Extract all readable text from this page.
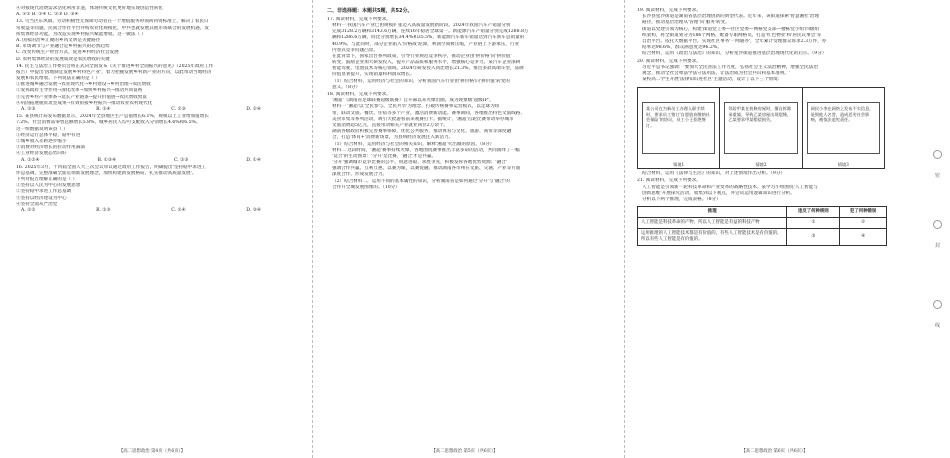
④对接现代消费需求活化利用非遗，体现传统文化更好地实现创造性转化
A. ①② B. ①④ C. ②③ D. ③④
13. 乌当区东风镇，劳动积极性无保障劳动者在一个增值服务时领回到资标准上，解决了农民日
常收益等问题，民间合作社平台并购农业化规模化，中共也就发展其他市场联合的发展机遇，发
挥集体经济功能，为改造实现乡村振兴赋能增收。这一做法（ ）
A. 国家的治乡汇聚的乡风文明是关键路径
B. 市场调节与产业融合是乡村振兴的必然趋势
C. 改变传统生产经营方式，促进乡村经济社会发展
D. 农村集体经济的发展成效是农民增收的关键
14. 民主与法治工作委员会将正式向全国发布《关于推进乡村全面振兴的意见》（2025年政府工作
报告）中提出'因地制宜发展乡村特色产业'，着力把握发展乡村新产业的方向，以此带动当地经济
发展和农民增收。下列说法正确的是（ ）
①推进城乡融合发展→农业现代化→乡村建设→乡村治理→农民增收
②发挥政府主导作用→深化改革→加快乡村振兴→推动共同富裕
③完善乡村产业体系→延长产业链条→提升价值链→农民增收致富
④巩固拓展脱贫攻坚成果→有效衔接乡村振兴→推动农业农村现代化
A. ①③	B. ①④	C. ②③	D. ②④
15. 某县统计局发布数据显示，2024年全县地区生产总值增长6.1%，规模以上工业增加值增长
7.2%，社会消费品零售总额增长5.8%，城乡居民人均可支配收入分别增长4.6%和6.5%。
这一组数据说明该县（ ）
①经济运行总体平稳，稳中有进
②城乡收入差距逐步缩小
③消费对经济增长的拉动作用减弱
④工业经济发展态势向好
A. ①②④	B. ①③④	C. ②③	D. ①④
16. 2025年3月，十四届全国人大三次会议审议通过政府工作报告，明确提出'坚持稳中求进工
作总基调，完整准确全面贯彻新发展理念，加快构建新发展格局，扎实推动高质量发展'。
下列对报告理解正确的是（ ）
①坚持以人民为中心的发展思想
②坚持稳中求进工作总基调
③坚持以经济建设为中心
④坚持全面从严治党
A. ①②	B. ①③	C. ②④	D. ③④
【高二思想政治 第4页（共6页）】
二、非选择题：本题共5题，共52分。
17. 阅读材料，完成下列要求。
材料一 我国汽车产业已由规模扩张迈入高质量发展新阶段。2024年我国汽车产销量分别
完成3128.2万辆和3143.6万辆，连续16年稳居全球第一。新能源汽车产销量分别完成1288.8万
辆和1286.6万辆，同比分别增长34.4%和35.5%，新能源汽车新车销量达到汽车新车总销量的
40.9%。与此同时，部分企业陷入'价格战'泥潭，利润空间被压缩，产业链上下游承压，行业
内卷式竞争问题凸显。
在此背景下，国家出台系列政策，引导行业规范竞争秩序，推动企业由'拼价格'向'拼价值'
转变，鼓励企业加大研发投入，提升产品品质和服务水平，增强核心竞争力。某汽车企业深耕
智能驾驶、电池技术等核心领域，2024年研发投入同比增长21.3%，推出多款高端车型，品牌
价值显著提升，实现销量和利润双增长。
（1）结合材料，运用经济与社会的知识，分析我国汽车行业由'拼价格'向'拼价值'转变的
意义。（8分）
18. 阅读材料，完成下列要求。
'湘超'（湖南省足球联赛超级联赛）自开幕以来火爆出圈，成为现象级'超级IP'。
材料一 '湘超'以'全民参与、全民共享'为理念，打破传统赛事运营模式，以足球为纽
带，联动文旅、餐饮、住宿等多个产业，激活消费新动能。赛事期间，各地推出特色文旅线路、
美食市集等系列活动，吸引大批游客前来观赛打卡。据统计，'湘超'首轮比赛带动举办城市
文旅消费超5亿元，直接带动相关产业就业岗位2万余个。
湖南各级政府积极完善赛事保障，优化公共服务，推动体育与文化、旅游、商贸等深度融
合，打造'体育+'消费新场景，为县域经济发展注入新活力。
（1）结合材料，运用经济与社会的相关知识，解释'湘超'火出圈的原因。（8分）
材料二 这段时间，'湘超'赛事持续火爆，各地围绕赛事推出丰富多彩的活动，共同演绎了一幅
'竞合'的生动图景：'分开'是比赛，'融合'才是共赢。
'分开'强调城市竞争比赛的公平、锐意进取、求胜争先，积极发挥各地优势资源；'融合'
强调合作共赢、互利互惠，以赛为媒，以赛促融，推动湖南各市州在文旅、交通、产业等方面
深度合作，形成发展合力。
（2）结合材料二，运用不同的基本属性的知识，分析湖南省是如何通过'分开'与'融合'的
合作升全城发展图像的。（10分）
【高二思想政治 第5页（共6页）】
19. 阅读材料，完成下列要求。
长沙县星沙街道是湖南省基层治理创新的典型代表。近年来，该街道探索'智慧湘社'治理
路径，推动基层治理从'管理'向'服务'转变。
街道以党建引领为核心，构建'街道党工委—社区党委—网格党支部—楼栋党小组'四级组
织架构，将全街道划分为186个网格，配备专职网格员，打造'红色物业'和'居民议事会'等
自治平台。依托大数据平台，实现社区事务'一网通办'，全年累计受理群众诉求2.3万件，办
结率达98.6%，群众满意度达96.2%。
结合材料，运用《政治与法治》的知识，分析星沙街道推进基层治理现代化的启示。（9分）
20. 阅读材料，完成下列要求。
习近平总书记强调：'要加大全民普法工作力度，弘扬社会主义法治精神，增强全民法治
观念，推动全社会尊法学法守法用法，让法治成为社会共识和基本准则。'
某校高二学生开展'法律知识进社区'主题活动，设计了以下三个情境：
某公司在为新员工办理入职手续时，要求员工签订'自愿放弃缴纳社会保险'的协议，员工小王拒绝签订。
情境1
邻居甲某在装修房屋时，擅自拆除承重墙，导致乙某房屋出现裂缝，乙某要求甲某赔偿损失。
情境2
网民小李在网络上发布不实信息，诋毁他人名誉，造成恶劣社会影响，被依法追究责任。
情境3
结合材料，运用《法律与生活》的知识，对上述情境作出分析。（9分）
21. 阅读材料，完成下列要求。
人工智能是引领新一轮科技革命和产业变革的战略性技术。某学习小组围绕'人工智能与
创新思维'开展探究活动，收集到以下观点，并尝试运用逻辑知识进行分析。
分析以下两个推理，完成表格。（8分）
推理	违反了何种规则	犯了何种错误
人工智能是科技革命的产物，所以人工智能是有益的科技产物	①	②
运用推理的人工智能技术都是有价值的，有些人工智能技术是有价值的，所以有些人工智能是有价值的。	③	④
【高二思想政治 第6页（共6页）】
密
封
线
